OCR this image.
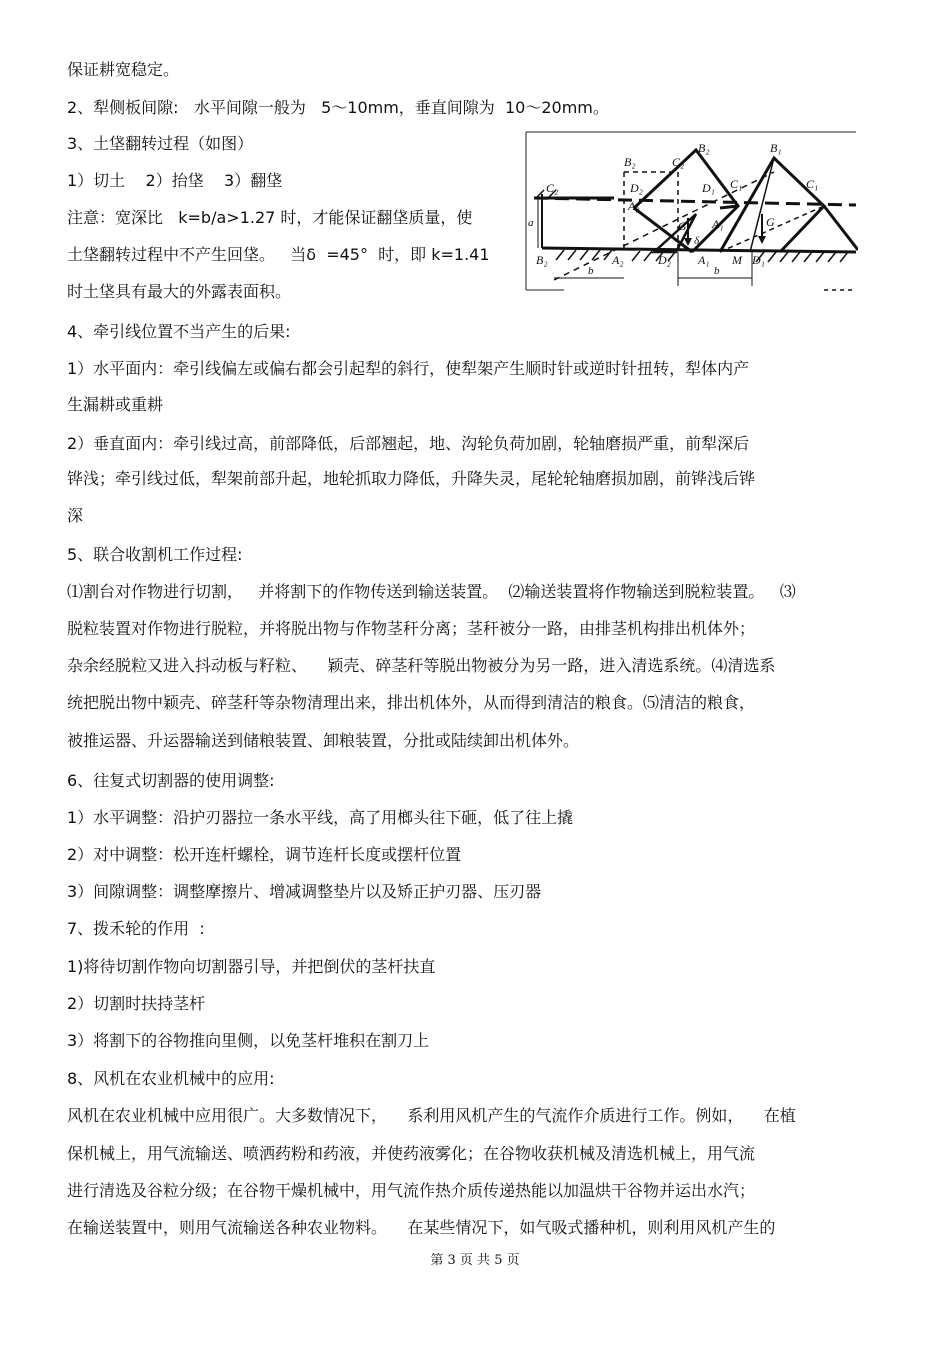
保证耕宽稳定。
2、犁侧板间隙:   水平间隙一般为   5～10mm，垂直间隙为  10～20mm。
3、土垡翻转过程（如图）
1）切土    2）抬垡    3）翻垡
注意：宽深比   k=b/a>1.27 时，才能保证翻垡质量，使
土垡翻转过程中不产生回垡。   当δ  =45°  时，即 k=1.41
时土垡具有最大的外露表面积。
4、牵引线位置不当产生的后果:
1）水平面内：牵引线偏左或偏右都会引起犁的斜行，使犁架产生顺时针或逆时针扭转，犁体内产
生漏耕或重耕
2）垂直面内：牵引线过高，前部降低，后部翘起，地、沟轮负荷加剧，轮轴磨损严重，前犁深后
铧浅；牵引线过低，犁架前部升起，地轮抓取力降低，升降失灵，尾轮轮轴磨损加剧，前铧浅后铧
深
5、联合收割机工作过程:
⑴割台对作物进行切割，   并将割下的作物传送到输送装置。  ⑵输送装置将作物输送到脱粒装置。   ⑶
脱粒装置对作物进行脱粒，并将脱出物与作物茎秆分离；茎秆被分一路，由排茎机构排出机体外；
杂余经脱粒又进入抖动板与籽粒、    颖壳、碎茎秆等脱出物被分为另一路，进入清选系统。⑷清选系
统把脱出物中颖壳、碎茎秆等杂物清理出来，排出机体外，从而得到清洁的粮食。⑸清洁的粮食，
被推运器、升运器输送到储粮装置、卸粮装置，分批或陆续卸出机体外。
6、往复式切割器的使用调整:
1）水平调整：沿护刃器拉一条水平线，高了用榔头往下砸，低了往上撬
2）对中调整：松开连杆螺栓，调节连杆长度或摆杆位置
3）间隙调整：调整摩擦片、增减调整垫片以及矫正护刃器、压刃器
7、拨禾轮的作用  :
1)将待切割作物向切割器引导，并把倒伏的茎杆扶直
2）切割时扶持茎杆
3）将割下的谷物推向里侧，以免茎杆堆积在割刀上
8、风机在农业机械中的应用:
风机在农业机械中应用很广。大多数情况下，    系利用风机产生的气流作介质进行工作。例如，    在植
保机械上，用气流输送、喷洒药粉和药液，并使药液雾化；在谷物收获机械及清选机械上，用气流
进行清选及谷粒分级；在谷物干燥机械中，用气流作热介质传递热能以加温烘干谷物并运出水汽；
在输送装置中，则用气流输送各种农业物料。    在某些情况下，如气吸式播种机，则利用风机产生的
C₂
B₂	C₂
B₂	B₁
D₂
A₂
D₁ C₁	C₁
A₁
G	G
δ
a
B₂
b
A₂	D₂ A₁ M D₁
b
第 3 页 共 5 页
